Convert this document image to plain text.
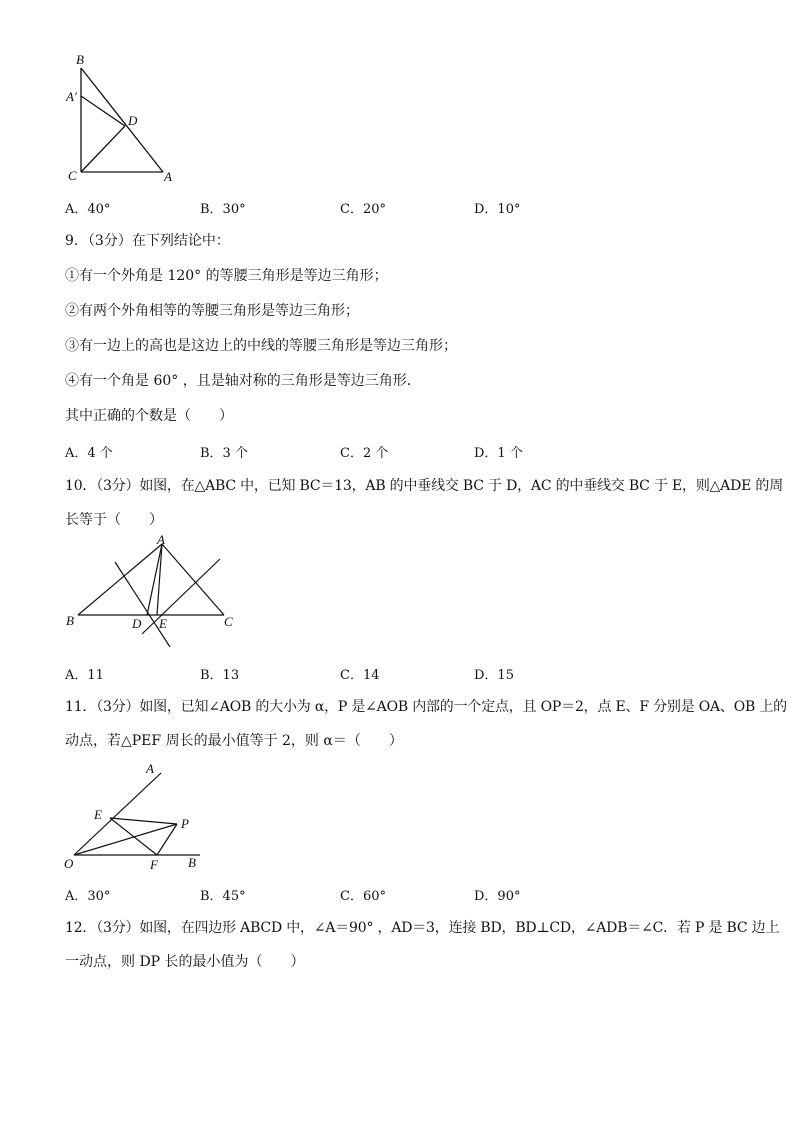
B
A′
D
C	A
A．40°	B．30°	C．20°	D．10°
9．（3分）在下列结论中：
①有一个外角是 120° 的等腰三角形是等边三角形；
②有两个外角相等的等腰三角形是等边三角形；
③有一边上的高也是这边上的中线的等腰三角形是等边三角形；
④有一个角是 60° ，且是轴对称的三角形是等边三角形．
其中正确的个数是（　　）
A．4 个	B．3 个	C．2 个	D．1 个
10．（3分）如图，在△ABC 中，已知 BC＝13，AB 的中垂线交 BC 于 D，AC 的中垂线交 BC 于 E，则△ADE 的周
长等于（　　）
A
B	D E	C
A．11	B．13	C．14	D．15
11．（3分）如图，已知∠AOB 的大小为 α，P 是∠AOB 内部的一个定点，且 OP＝2，点 E、F 分别是 OA、OB 上的
动点，若△PEF 周长的最小值等于 2，则 α＝（　　）
A
E
P
O	F B
A．30°	B．45°	C．60°	D．90°
12．（3分）如图，在四边形 ABCD 中，∠A＝90° ，AD＝3，连接 BD，BD⊥CD，∠ADB＝∠C．若 P 是 BC 边上
一动点，则 DP 长的最小值为（　　）
